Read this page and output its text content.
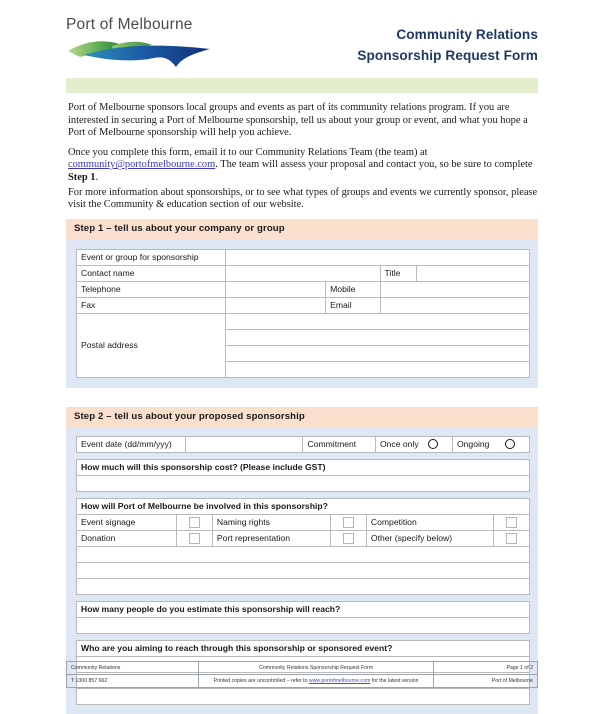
Port of Melbourne
Community Relations
Sponsorship Request Form

Port of Melbourne sponsors local groups and events as part of its community relations program. If you are interested in securing a Port of Melbourne sponsorship, tell us about your group or event, and what you hope a Port of Melbourne sponsorship will help you achieve.

Once you complete this form, email it to our Community Relations Team (the team) at community@portofmelbourne.com. The team will assess your proposal and contact you, so be sure to complete Step 1.

For more information about sponsorships, or to see what types of groups and events we currently sponsor, please visit the Community & education section of our website.

Step 1 – tell us about your company or group
Event or group for sponsorship				
Contact name			Title	
Telephone		Mobile		
Fax		Email		
Postal address				

Step 2 – tell us about your proposed sponsorship
Event date (dd/mm/yyy)		Commitment	Once only	Ongoing
How much will this sponsorship cost? (Please include GST)					

How will Port of Melbourne be involved in this sponsorship?					
Event signage		Naming rights		Competition	

Donation		Port representation		Other (specify below)	

How many people do you estimate this sponsorship will reach?					

Who are you aiming to reach through this sponsorship or sponsored event?					

Community Relations	Community Relations Sponsorship Request Form	Page 1 of 2
T 1300 857 662	Printed copies are uncontrolled – refer to www.portofmelbourne.com for the latest version	Port of Melbourne
